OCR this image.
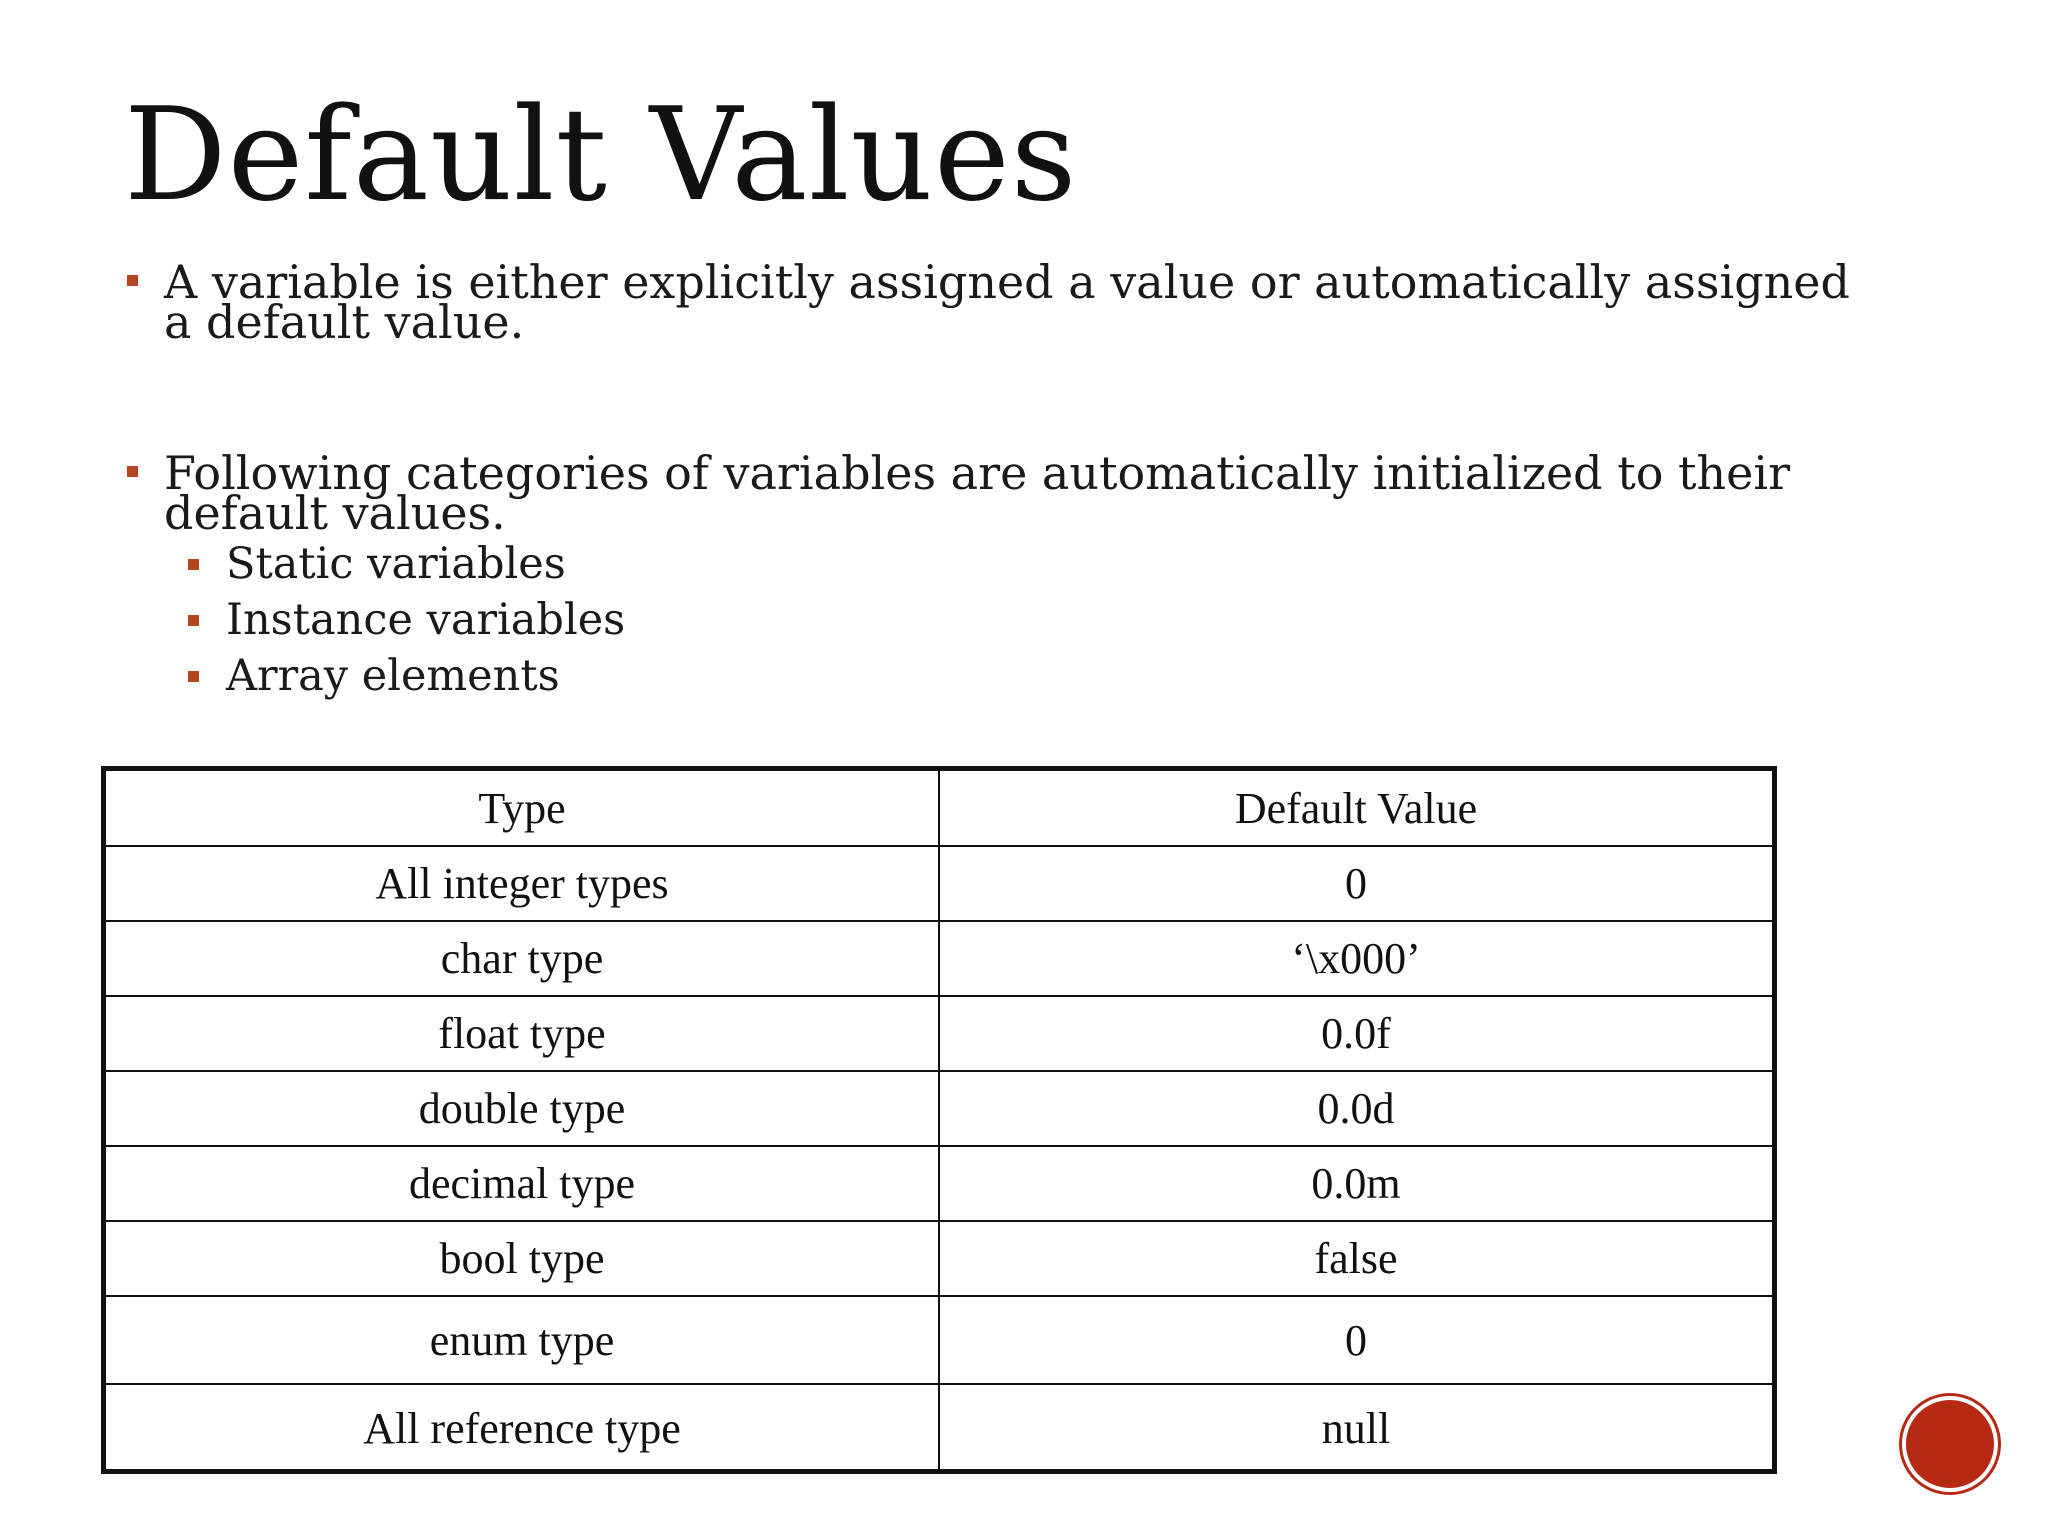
Default Values
A variable is either explicitly assigned a value or automatically assigned
a default value.
Following categories of variables are automatically initialized to their
default values.
Static variables
Instance variables
Array elements
Type	Default Value
All integer types	0
char type	‘\x000’
float type	0.0f
double type	0.0d
decimal type	0.0m
bool type	false
enum type	0
All reference type	null
